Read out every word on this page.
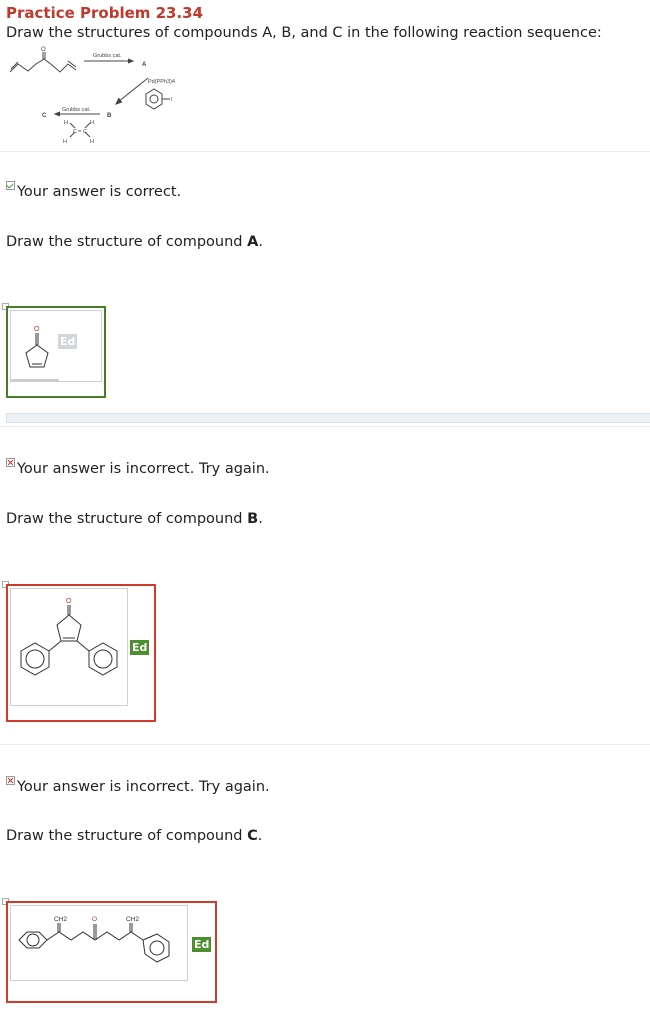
Practice Problem 23.34
Draw the structures of compounds A, B, and C in the following reaction sequence:
O
Grubbs cat.
A
Pd(PPh3)4
I
B
Grubbs cat.
C
H	H
C = C
H	H
Your answer is correct.
Draw the structure of compound A.
O
Ed
Your answer is incorrect. Try again.
Draw the structure of compound B.
O
Ed
Your answer is incorrect. Try again.
Draw the structure of compound C.
CH2	O	CH2
Ed
